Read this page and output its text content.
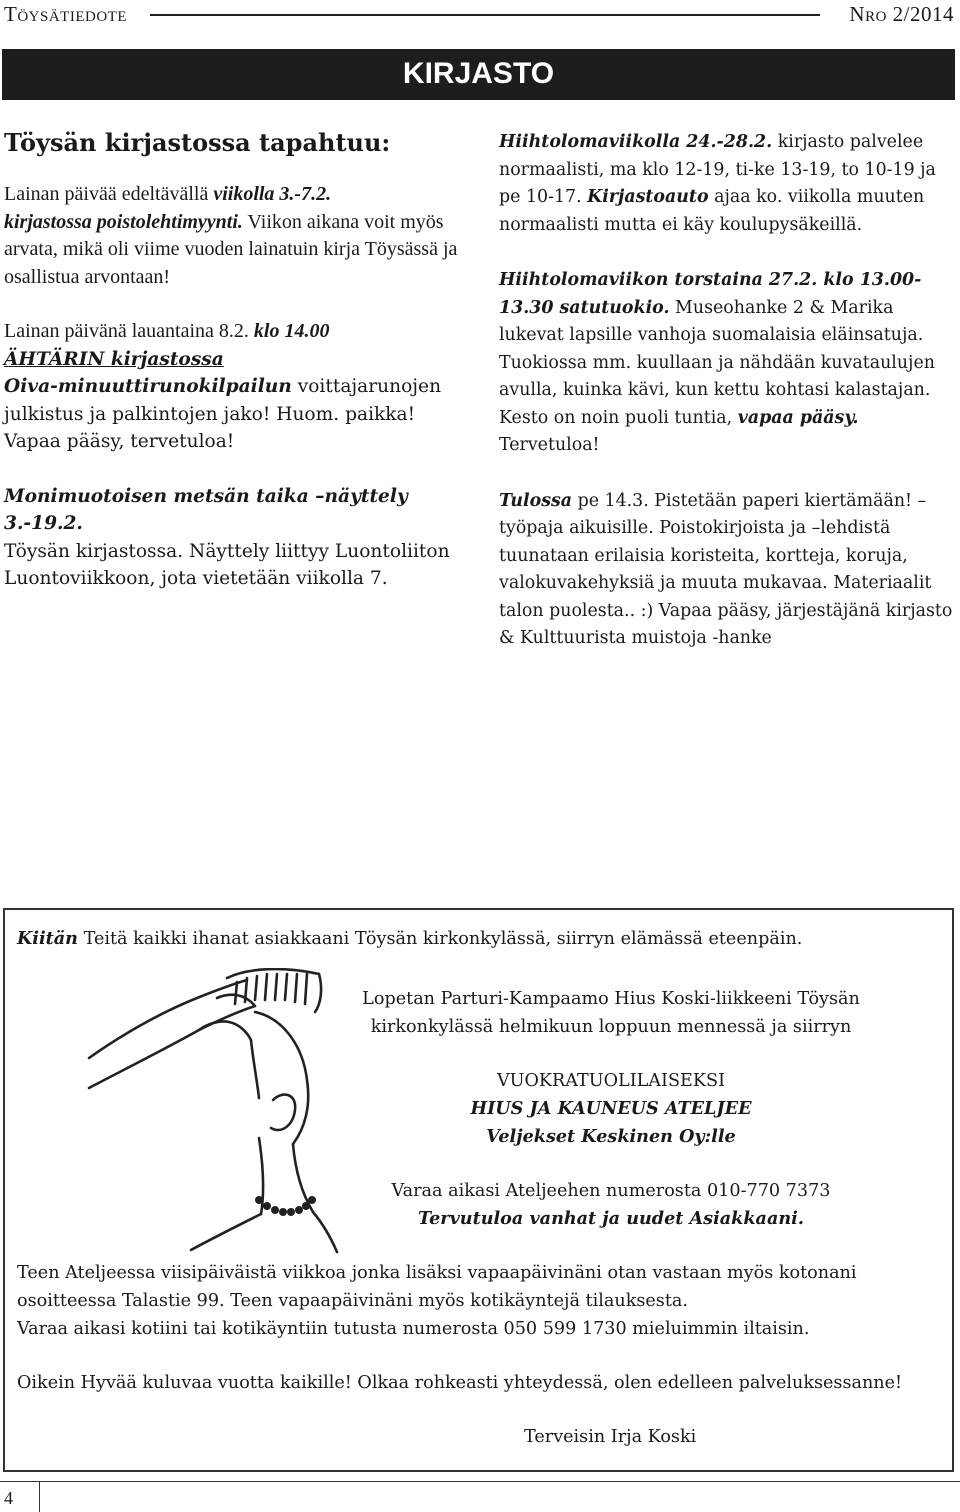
Töysätiedote	Nro 2/2014
KIRJASTO

Töysän kirjastossa tapahtuu:

Lainan päivää edeltävällä viikolla 3.-7.2.
kirjastossa poistolehtimyynti. Viikon aikana voit myös arvata, mikä oli viime vuoden lainatuin kirja Töysässä ja osallistua arvontaan!

Lainan päivänä lauantaina 8.2. klo 14.00
ÄHTÄRIN kirjastossa
Oiva-minuuttirunokilpailun voittajarunojen julkistus ja palkintojen jako! Huom. paikka! Vapaa pääsy, tervetuloa!

Monimuotoisen metsän taika –näyttely 3.-19.2.
Töysän kirjastossa. Näyttely liittyy Luontoliiton Luontoviikkoon, jota vietetään viikolla 7.

Hiihtolomaviikolla 24.-28.2. kirjasto palvelee normaalisti, ma klo 12-19, ti-ke 13-19, to 10-19 ja pe 10-17. Kirjastoauto ajaa ko. viikolla muuten normaalisti mutta ei käy koulupysäkeillä.

Hiihtolomaviikon torstaina 27.2. klo 13.00-13.30 satutuokio. Museohanke 2 & Marika lukevat lapsille vanhoja suomalaisia eläinsatuja. Tuokiossa mm. kuullaan ja nähdään kuvataulujen avulla, kuinka kävi, kun kettu kohtasi kalastajan. Kesto on noin puoli tuntia, vapaa pääsy. Tervetuloa!

Tulossa pe 14.3. Pistetään paperi kiertämään! –työpaja aikuisille. Poistokirjoista ja –lehdistä tuunataan erilaisia koristeita, kortteja, koruja, valokuvakehyksiä ja muuta mukavaa. Materiaalit talon puolesta.. :) Vapaa pääsy, järjestäjänä kirjasto & Kulttuurista muistoja -hanke

Kiitän Teitä kaikki ihanat asiakkaani Töysän kirkonkylässä, siirryn elämässä eteenpäin.
Lopetan Parturi-Kampaamo Hius Koski-liikkeeni Töysän
kirkonkylässä helmikuun loppuun mennessä ja siirryn
VUOKRATUOLILAISEKSI
HIUS JA KAUNEUS ATELJEE
Veljekset Keskinen Oy:lle
Varaa aikasi Ateljeehen numerosta 010-770 7373
Tervutuloa vanhat ja uudet Asiakkaani.
Teen Ateljeessa viisipäiväistä viikkoa jonka lisäksi vapaapäivinäni otan vastaan myös kotonani
osoitteessa Talastie 99. Teen vapaapäivinäni myös kotikäyntejä tilauksesta.
Varaa aikasi kotiini tai kotikäyntiin tutusta numerosta 050 599 1730 mieluimmin iltaisin.
Oikein Hyvää kuluvaa vuotta kaikille! Olkaa rohkeasti yhteydessä, olen edelleen palveluksessanne!
Terveisin Irja Koski
4
